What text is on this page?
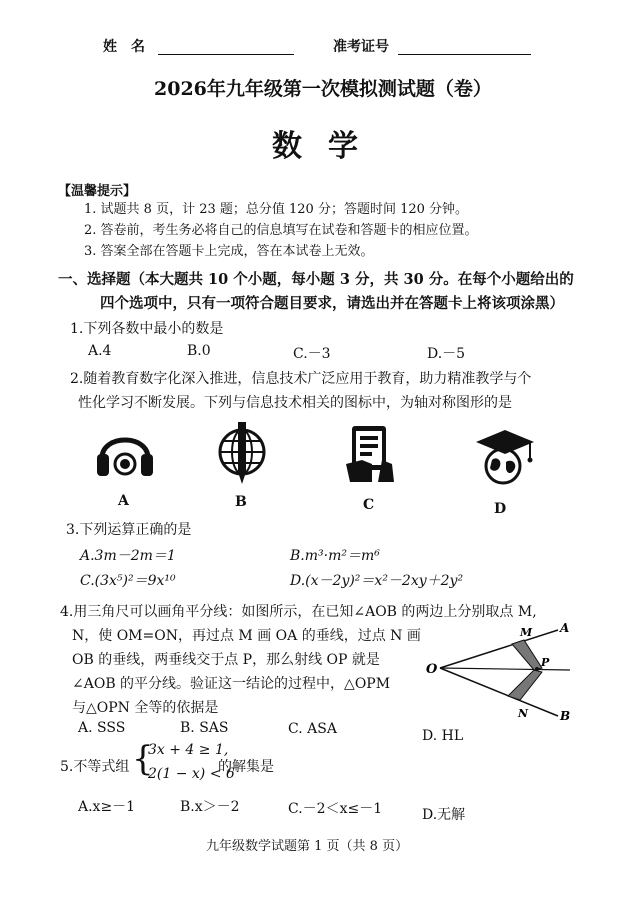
姓　名	准考证号
2026年九年级第一次模拟测试题（卷）
数学
【温馨提示】
1. 试题共 8 页，计 23 题；总分值 120 分；答题时间 120 分钟。
2. 答卷前，考生务必将自己的信息填写在试卷和答题卡的相应位置。
3. 答案全部在答题卡上完成，答在本试卷上无效。
一、选择题（本大题共 10 个小题，每小题 3 分，共 30 分。在每个小题给出的
四个选项中，只有一项符合题目要求，请选出并在答题卡上将该项涂黑）
1.下列各数中最小的数是
A.4	B.0	C.－3	D.－5
2.随着教育数字化深入推进，信息技术广泛应用于教育，助力精准教学与个
性化学习不断发展。下列与信息技术相关的图标中，为轴对称图形的是
A	B	C	D
3.下列运算正确的是
A.3m－2m＝1	B.m³·m²＝m⁶
C.(3x⁵)²＝9x¹⁰	D.(x－2y)²＝x²－2xy＋2y²
4.用三角尺可以画角平分线：如图所示，在已知∠AOB 的两边上分别取点 M,
N，使 OM=ON，再过点 M 画 OA 的垂线，过点 N 画
OB 的垂线，两垂线交于点 P，那么射线 OP 就是
∠AOB 的平分线。验证这一结论的过程中，△OPM
与△OPN 全等的依据是
O
M A
P
N	B
A. SSS	B. SAS	C. ASA	D. HL
5.不等式组 {
3x + 4 ≥ 1,
2(1 − x) < 6
的解集是
A.x≥－1	B.x＞－2	C.－2＜x≤－1	D.无解
九年级数学试题第 1 页（共 8 页）
